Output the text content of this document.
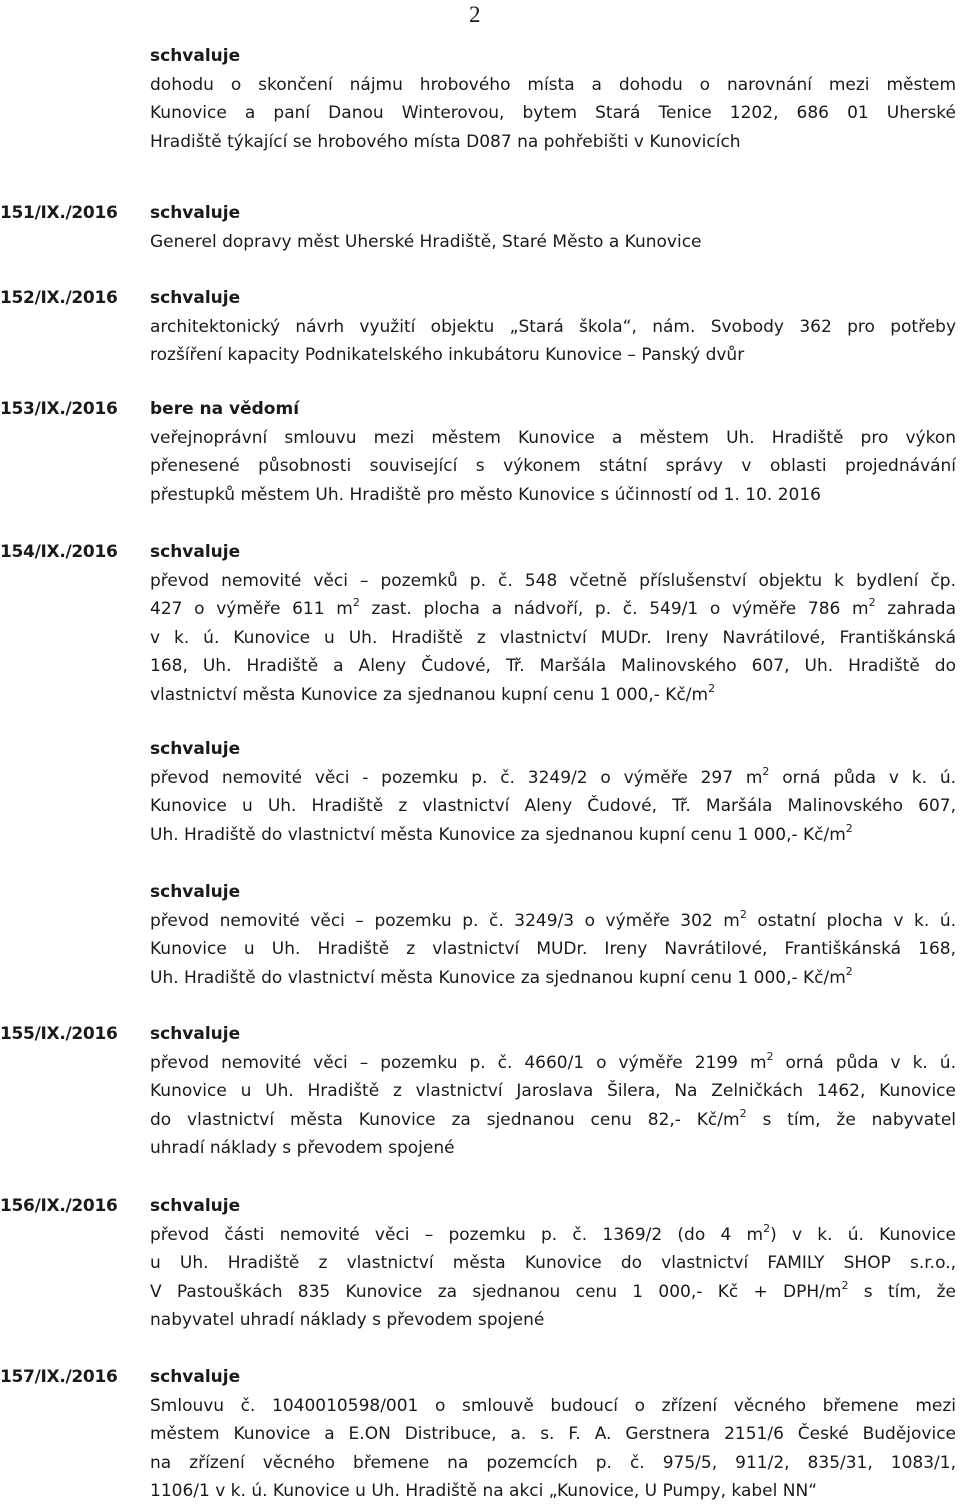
2
schvaluje
dohodu o skončení nájmu hrobového místa a dohodu o narovnání mezi městem
Kunovice a paní Danou Winterovou, bytem Stará Tenice 1202, 686 01 Uherské
Hradiště týkající se hrobového místa D087 na pohřebišti v Kunovicích
151/IX./2016 schvaluje
Generel dopravy měst Uherské Hradiště, Staré Město a Kunovice
152/IX./2016 schvaluje
architektonický návrh využití objektu „Stará škola“, nám. Svobody 362 pro potřeby
rozšíření kapacity Podnikatelského inkubátoru Kunovice – Panský dvůr
153/IX./2016 bere na vědomí
veřejnoprávní smlouvu mezi městem Kunovice a městem Uh. Hradiště pro výkon
přenesené působnosti související s výkonem státní správy v oblasti projednávání
přestupků městem Uh. Hradiště pro město Kunovice s účinností od 1. 10. 2016
154/IX./2016 schvaluje
převod nemovité věci – pozemků p. č. 548 včetně příslušenství objektu k bydlení čp.
427 o výměře 611 $m^2$ zast. plocha a nádvoří, p. č. 549/1 o výměře 786 $m^2$ zahrada
v k. ú. Kunovice u Uh. Hradiště z vlastnictví MUDr. Ireny Navrátilové, Františkánská
168, Uh. Hradiště a Aleny Čudové, Tř. Maršála Malinovského 607, Uh. Hradiště do
vlastnictví města Kunovice za sjednanou kupní cenu 1 000,- $Kč/m^2$
schvaluje
převod nemovité věci - pozemku p. č. 3249/2 o výměře 297 $m^2$ orná půda v k. ú.
Kunovice u Uh. Hradiště z vlastnictví Aleny Čudové, Tř. Maršála Malinovského 607,
Uh. Hradiště do vlastnictví města Kunovice za sjednanou kupní cenu 1 000,- $Kč/m^2$
schvaluje
převod nemovité věci – pozemku p. č. 3249/3 o výměře 302 $m^2$ ostatní plocha v k. ú.
Kunovice u Uh. Hradiště z vlastnictví MUDr. Ireny Navrátilové, Františkánská 168,
Uh. Hradiště do vlastnictví města Kunovice za sjednanou kupní cenu 1 000,- $Kč/m^2$
155/IX./2016 schvaluje
převod nemovité věci – pozemku p. č. 4660/1 o výměře 2199 $m^2$ orná půda v k. ú.
Kunovice u Uh. Hradiště z vlastnictví Jaroslava Šilera, Na Zelničkách 1462, Kunovice
do vlastnictví města Kunovice za sjednanou cenu 82,- $Kč/m^2$ s tím, že nabyvatel
uhradí náklady s převodem spojené
156/IX./2016 schvaluje
převod části nemovité věci – pozemku p. č. 1369/2 (do 4 $m^2$) v k. ú. Kunovice
u Uh. Hradiště z vlastnictví města Kunovice do vlastnictví FAMILY SHOP s.r.o.,
V Pastouškách 835 Kunovice za sjednanou cenu 1 000,- Kč + DPH/$m^2$ s tím, že
nabyvatel uhradí náklady s převodem spojené
157/IX./2016 schvaluje
Smlouvu č. 1040010598/001 o smlouvě budoucí o zřízení věcného břemene mezi
městem Kunovice a E.ON Distribuce, a. s. F. A. Gerstnera 2151/6 České Budějovice
na zřízení věcného břemene na pozemcích p. č. 975/5, 911/2, 835/31, 1083/1,
1106/1 v k. ú. Kunovice u Uh. Hradiště na akci „Kunovice, U Pumpy, kabel NN“
